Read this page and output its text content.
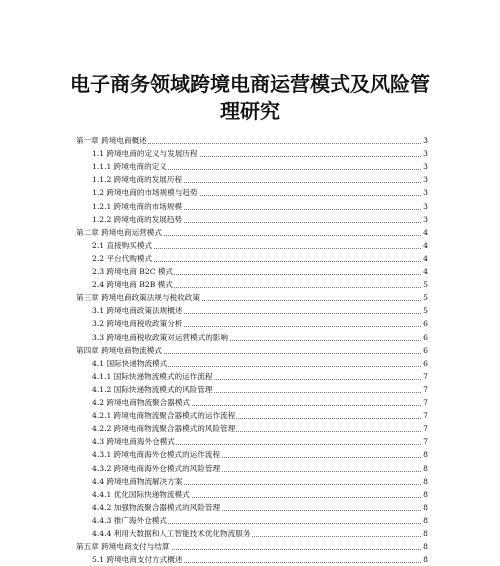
电子商务领域跨境电商运营模式及风险管
理研究
第一章 跨境电商概述	3
1.1 跨境电商的定义与发展历程	3
1.1.1 跨境电商的定义	3
1.1.2 跨境电商的发展历程	3
1.2 跨境电商的市场规模与趋势	3
1.2.1 跨境电商的市场规模	3
1.2.2 跨境电商的发展趋势	3
第二章 跨境电商运营模式	4
2.1 直接购买模式	4
2.2 平台代购模式	4
2.3 跨境电商 B2C 模式	4
2.4 跨境电商 B2B 模式	5
第三章 跨境电商政策法规与税收政策	5
3.1 跨境电商政策法规概述	5
3.2 跨境电商税收政策分析	6
3.3 跨境电商税收政策对运营模式的影响	6
第四章 跨境电商物流模式	6
4.1 国际快递物流模式	6
4.1.1 国际快递物流模式的运作流程	7
4.1.2 国际快递物流模式的风险管理	7
4.2 跨境电商物流聚合器模式	7
4.2.1 跨境电商物流聚合器模式的运作流程	7
4.2.2 跨境电商物流聚合器模式的风险管理	7
4.3 跨境电商海外仓模式	7
4.3.1 跨境电商海外仓模式的运作流程	8
4.3.2 跨境电商海外仓模式的风险管理	8
4.4 跨境电商物流解决方案	8
4.4.1 优化国际快递物流模式	8
4.4.2 加强物流聚合器模式的风险管理	8
4.4.3 推广海外仓模式	8
4.4.4 利用大数据和人工智能技术优化物流服务	8
第五章 跨境电商支付与结算	8
5.1 跨境电商支付方式概述	8
